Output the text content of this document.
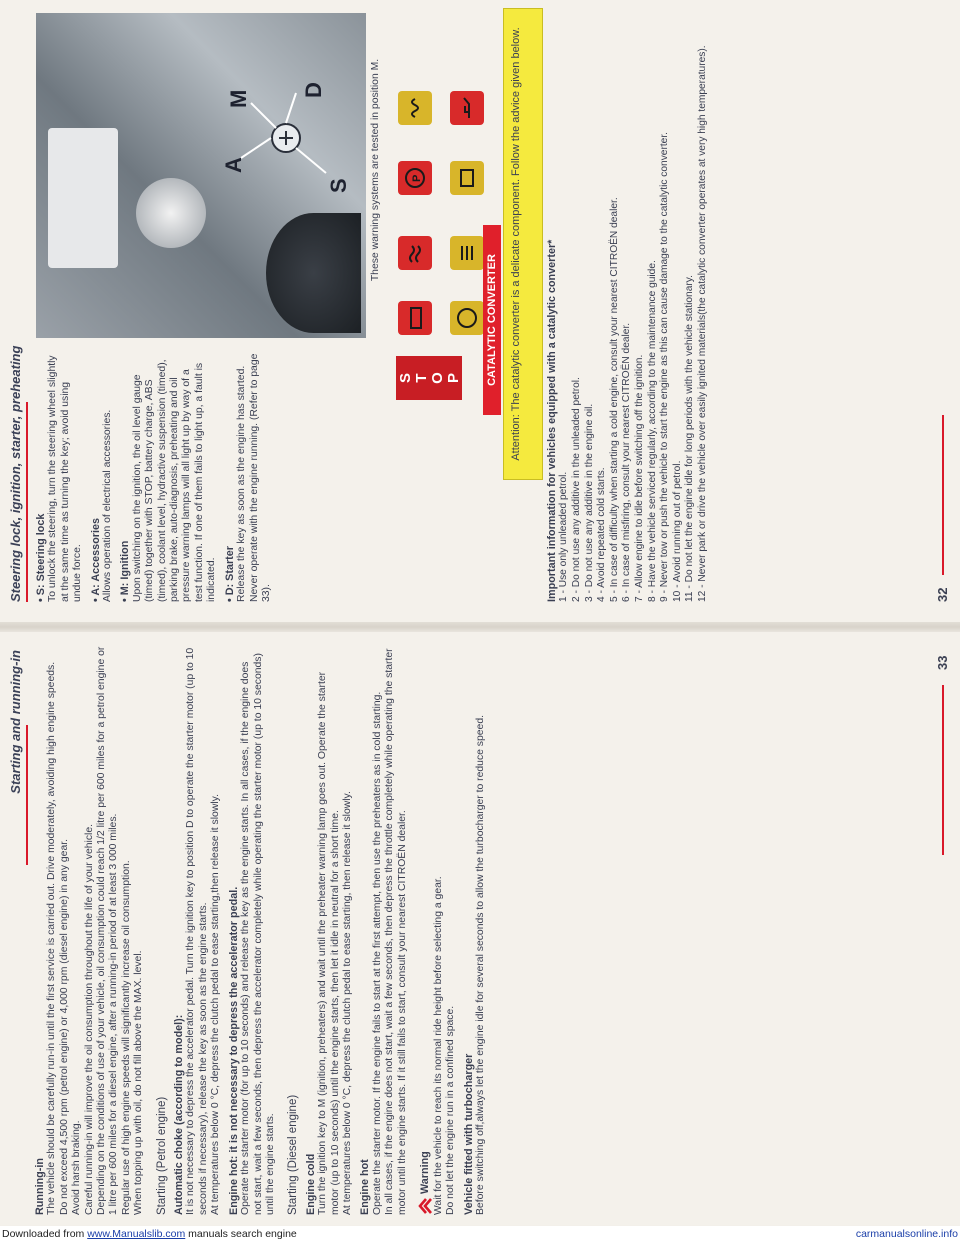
Steering lock, ignition, starter, preheating • S: Steering lock To unlock the steering, turn the steering wheel slightly at the same time as turning the key; avoid using undue force. • A: Accessories Allows operation of electrical accessories. • M: Ignition Upon switching on the ignition, the oil level gauge (timed) together with STOP, battery charge, ABS (timed), coolant level, hydractive suspension (timed), parking brake, auto-diagnosis, preheating and oil pressure warning lamps will all light up by way of a test function. If one of them fails to light up, a fault is indicated. • D: Starter Release the key as soon as the engine has started. Never operate with the engine running. (Refer to page 33).

A
M D
S These warning systems are tested in position M.
S
T
O
P
P
CATALYTIC CONVERTER	Attention: The catalytic converter is a delicate component. Follow the advice given below.	Important information for vehicles equipped with a catalytic converter* 1 - Use only unleaded petrol. 2 - Do not use any additive in the unleaded petrol. 3 - Do not use any additive in the engine oil. 4 - Avoid repeated cold starts. 5 - In case of difficulty when starting a cold engine, consult your nearest CITROËN dealer. 6 - In case of misfiring, consult your nearest CITROËN dealer. 7 - Allow engine to idle before switching off the ignition. 8 - Have the vehicle serviced regularly, according to the maintenance guide. 9 - Never tow or push the vehicle to start the engine as this can cause damage to the catalytic converter. 10 - Avoid running out of petrol. 11 - Do not let the engine idle for long periods with the vehicle stationary. 12 - Never park or drive the vehicle over easily ignited materials(the catalytic converter operates at very high temperatures).	32
Starting and running-in

Running-in The vehicle should be carefully run-in until the first service is carried out. Drive moderately, avoiding high engine speeds. Do not exceed 4,500 rpm (petrol engine) or 4,000 rpm (diesel engine) in any gear. Avoid harsh braking. Careful running-in will improve the oil consumption throughout the life of your vehicle. Depending on the conditions of use of your vehicle, oil consumption could reach 1/2 litre per 600 miles for a petrol engine or 1 litre per 600 miles for a diesel engine, after a running-in period of at least 3 000 miles. Regular use of high engine speeds will significantly increase oil consumption. When topping up with oil, do not fill above the MAX. level. Starting (Petrol engine) Automatic choke (according to model): It is not necessary to depress the accelerator pedal. Turn the ignition key to position D to operate the starter motor (up to 10 seconds if necessary), release the key as soon as the engine starts. At temperatures below 0 °C, depress the clutch pedal to ease starting,then release it slowly. Engine hot: it is not necessary to depress the accelerator pedal. Operate the starter motor (for up to 10 seconds) and release the key as the engine starts. In all cases, if the engine does not start, wait a few seconds, then depress the accelerator completely while operating the starter motor (up to 10 seconds) until the engine starts. Starting (Diesel engine) Engine cold Turn the ignition key to M (ignition, preheaters) and wait until the preheater warning lamp goes out. Operate the starter motor (up to 10 seconds) until the engine starts, then let it idle in neutral for a short time. At temperatures below 0 °C, depress the clutch pedal to ease starting, then release it slowly. Engine hot Operate the starter motor. If the engine fails to start at the first attempt, then use the preheaters as in cold starting. In all cases, if the engine does not start, wait a few seconds, then depress the throttle completely while operating the starter motor until the engine starts. If it still fails to start, consult your nearest CITROËN dealer. Warning Wait for the vehicle to reach its normal ride height before selecting a gear. Do not let the engine run in a confined space. Vehicle fitted with turbocharger Before switching off,always let the engine idle for several seconds to allow the turbocharger to reduce speed.

33
Downloaded from www.Manualslib.com manuals search engine	carmanualsonline.info
